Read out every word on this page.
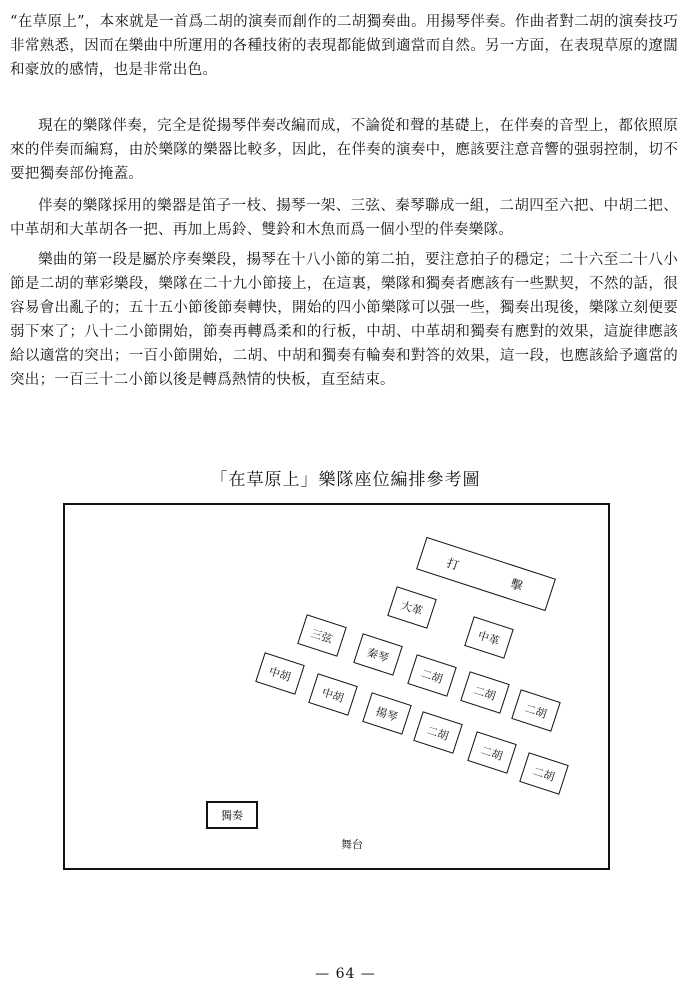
“在草原上”，本來就是一首爲二胡的演奏而創作的二胡獨奏曲。用揚琴伴奏。作曲者對二胡的演奏技巧非常熟悉，因而在樂曲中所運用的各種技術的表現都能做到適當而自然。另一方面，在表現草原的遼闊和豪放的感情，也是非常出色。

現在的樂隊伴奏，完全是從揚琴伴奏改編而成，不論從和聲的基礎上，在伴奏的音型上，都依照原來的伴奏而編寫，由於樂隊的樂器比較多，因此，在伴奏的演奏中，應該要注意音響的强弱控制，切不要把獨奏部份掩蓋。

伴奏的樂隊採用的樂器是笛子一枝、揚琴一架、三弦、秦琴聯成一組，二胡四至六把、中胡二把、中革胡和大革胡各一把、再加上馬鈴、雙鈴和木魚而爲一個小型的伴奏樂隊。

樂曲的第一段是屬於序奏樂段，揚琴在十八小節的第二拍，要注意拍子的穩定；二十六至二十八小節是二胡的華彩樂段，樂隊在二十九小節接上，在這裏，樂隊和獨奏者應該有一些默契，不然的話，很容易會出亂子的；五十五小節後節奏轉快，開始的四小節樂隊可以强一些，獨奏出現後，樂隊立刻便要弱下來了；八十二小節開始，節奏再轉爲柔和的行板，中胡、中革胡和獨奏有應對的效果，這旋律應該給以適當的突出；一百小節開始，二胡、中胡和獨奏有輪奏和對答的效果，這一段，也應該給予適當的突出；一百三十二小節以後是轉爲熱情的快板，直至結束。

「在草原上」樂隊座位編排參考圖
打
擊
大革
中革
三弦
秦琴
二胡
二胡
二胡
中胡
中胡
揚琴
二胡
二胡
二胡
獨奏
舞台
— 64 —
